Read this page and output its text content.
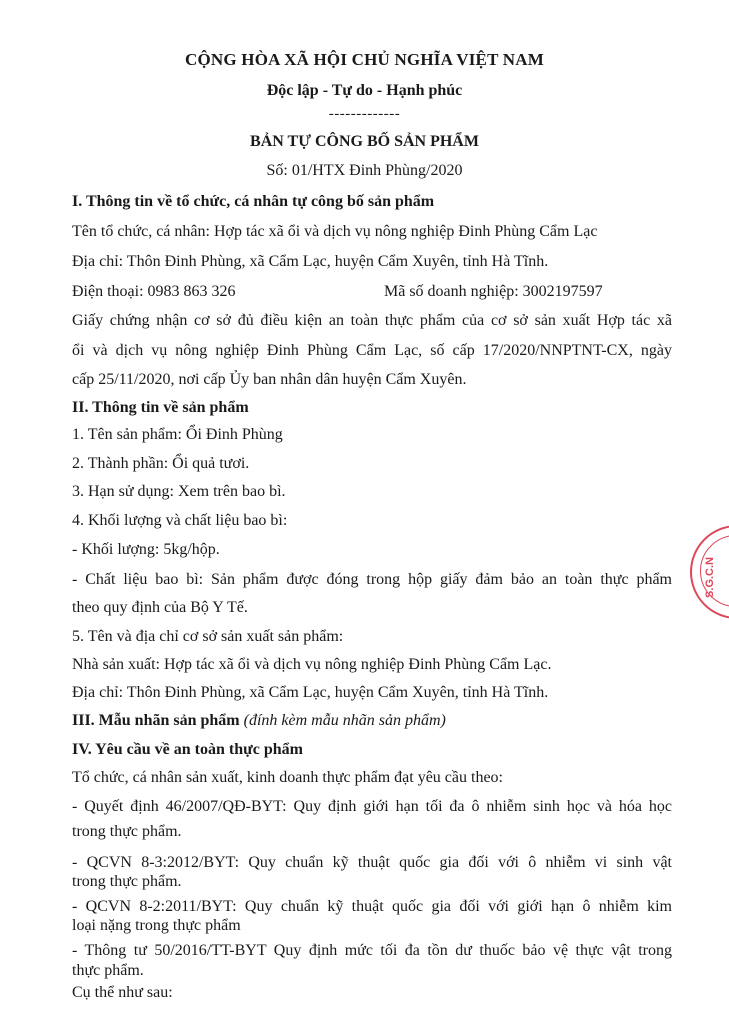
CỘNG HÒA XÃ HỘI CHỦ NGHĨA VIỆT NAM
Độc lập - Tự do - Hạnh phúc
-------------
BẢN TỰ CÔNG BỐ SẢN PHẨM
Số: 01/HTX Đinh Phùng/2020
I. Thông tin về tổ chức, cá nhân tự công bố sản phẩm
Tên tổ chức, cá nhân: Hợp tác xã ổi và dịch vụ nông nghiệp Đinh Phùng Cẩm Lạc
Địa chỉ: Thôn Đinh Phùng, xã Cẩm Lạc, huyện Cẩm Xuyên, tỉnh Hà Tĩnh.
Điện thoại: 0983 863 326	Mã số doanh nghiệp: 3002197597
Giấy chứng nhận cơ sở đủ điều kiện an toàn thực phẩm của cơ sở sản xuất Hợp tác xã
ổi và dịch vụ nông nghiệp Đinh Phùng Cẩm Lạc, số cấp 17/2020/NNPTNT-CX, ngày
cấp 25/11/2020, nơi cấp Ủy ban nhân dân huyện Cẩm Xuyên.
II. Thông tin về sản phẩm
1. Tên sản phẩm: Ổi Đinh Phùng
2. Thành phần: Ổi quả tươi.
3. Hạn sử dụng: Xem trên bao bì.
4. Khối lượng và chất liệu bao bì:
- Khối lượng: 5kg/hộp.
- Chất liệu bao bì: Sản phẩm được đóng trong hộp giấy đảm bảo an toàn thực phẩm
theo quy định của Bộ Y Tế.
5. Tên và địa chỉ cơ sở sản xuất sản phẩm:
Nhà sản xuất: Hợp tác xã ổi và dịch vụ nông nghiệp Đinh Phùng Cẩm Lạc.
Địa chỉ: Thôn Đinh Phùng, xã Cẩm Lạc, huyện Cẩm Xuyên, tỉnh Hà Tĩnh.
III. Mẫu nhãn sản phẩm (đính kèm mẫu nhãn sản phẩm)
IV. Yêu cầu về an toàn thực phẩm
Tổ chức, cá nhân sản xuất, kinh doanh thực phẩm đạt yêu cầu theo:
- Quyết định 46/2007/QĐ-BYT: Quy định giới hạn tối đa ô nhiễm sinh học và hóa học
trong thực phẩm.
- QCVN 8-3:2012/BYT: Quy chuẩn kỹ thuật quốc gia đối với ô nhiễm vi sinh vật
trong thực phẩm.
- QCVN 8-2:2011/BYT: Quy chuẩn kỹ thuật quốc gia đối với giới hạn ô nhiễm kim
loại nặng trong thực phẩm
- Thông tư 50/2016/TT-BYT Quy định mức tối đa tồn dư thuốc bảo vệ thực vật trong
thực phẩm.
Cụ thể như sau:
S.G.C.N
